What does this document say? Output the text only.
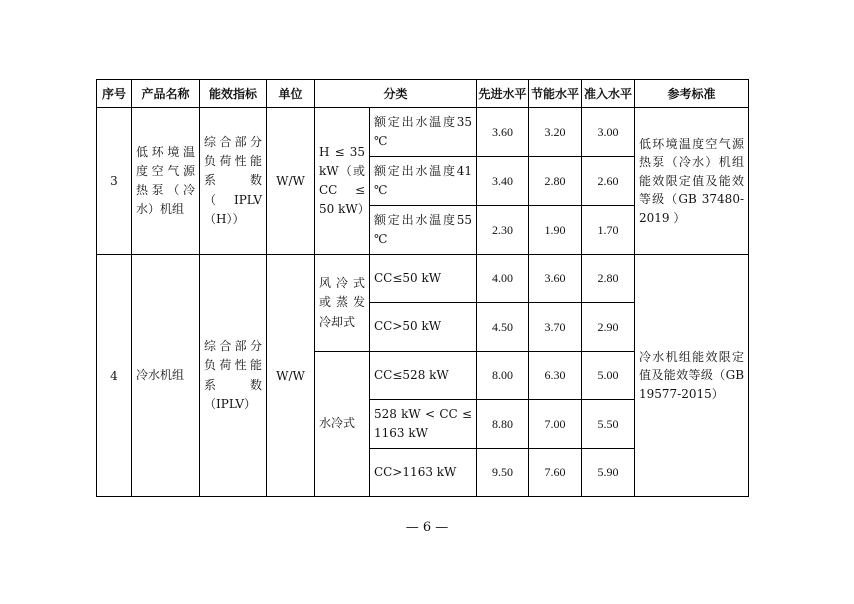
序号	产品名称	能效指标	单位	分类		先进水平	节能水平	准入水平	参考标准
3	低环境温度空气源热泵（冷水）机组	综合部分负荷性能系数（IPLV（H））	W/W	H ≤ 35 kW（或CC ≤ 50 kW）	额定出水温度35 ℃	3.60	3.20	3.00	低环境温度空气源热泵（冷水）机组能效限定值及能效等级（GB 37480-2019 ）
					额定出水温度41 ℃	3.40	2.80	2.60	
					额定出水温度55 ℃	2.30	1.90	1.70	
4	冷水机组	综合部分负荷性能系数（IPLV）	W/W	风冷式或蒸发冷却式	CC≤50 kW	4.00	3.60	2.80	冷水机组能效限定值及能效等级（GB 19577-2015）
					CC>50 kW	4.50	3.70	2.90	
				水冷式	CC≤528 kW	8.00	6.30	5.00	
					528 kW < CC ≤ 1163 kW	8.80	7.00	5.50	
					CC>1163 kW	9.50	7.60	5.90	
— 6 —
